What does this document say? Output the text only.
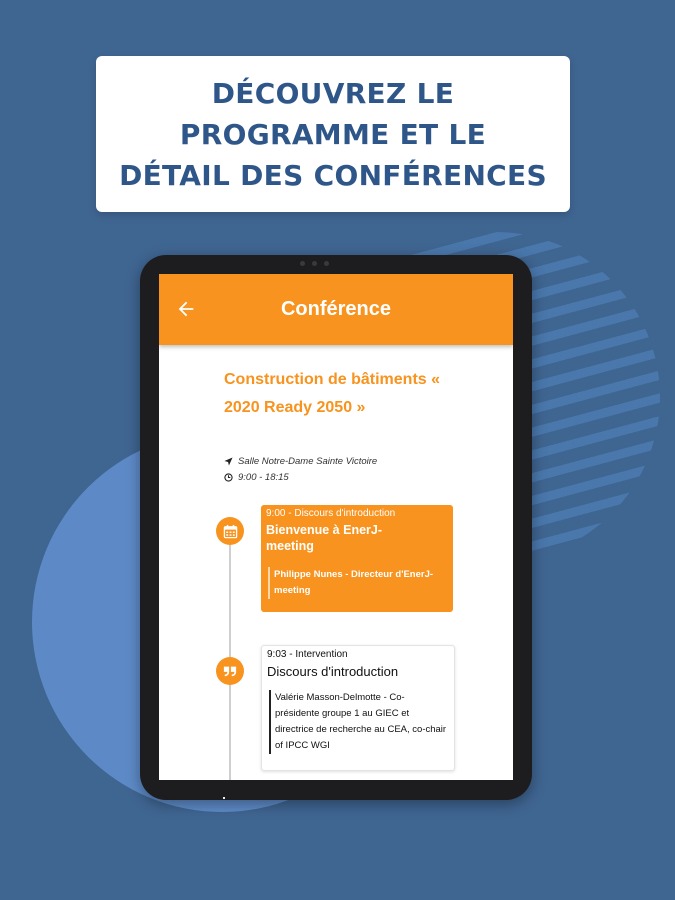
DÉCOUVREZ LE
PROGRAMME ET LE
DÉTAIL DES CONFÉRENCES
Conférence
Construction de bâtiments « 2020 Ready 2050 »
Salle Notre-Dame Sainte Victoire
9:00 - 18:15
9:00 - Discours d'introduction
Bienvenue à EnerJ-meeting
Philippe Nunes - Directeur d'EnerJ-meeting
9:03 - Intervention
Discours d'introduction
Valérie Masson-Delmotte - Co-présidente groupe 1 au GIEC et directrice de recherche au CEA, co-chair of IPCC WGI
